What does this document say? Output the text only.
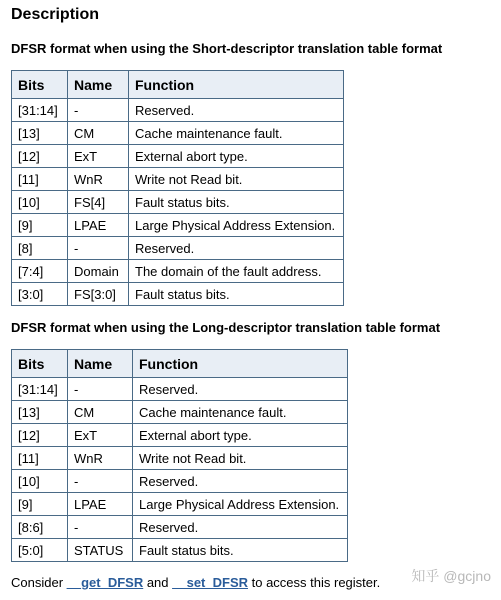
Description
DFSR format when using the Short-descriptor translation table format
Bits	Name	Function
[31:14]	-	Reserved.
[13]	CM	Cache maintenance fault.
[12]	ExT	External abort type.
[11]	WnR	Write not Read bit.
[10]	FS[4]	Fault status bits.
[9]	LPAE	Large Physical Address Extension.
[8]	-	Reserved.
[7:4]	Domain	The domain of the fault address.
[3:0]	FS[3:0]	Fault status bits.
DFSR format when using the Long-descriptor translation table format
Bits	Name	Function
[31:14]	-	Reserved.
[13]	CM	Cache maintenance fault.
[12]	ExT	External abort type.
[11]	WnR	Write not Read bit.
[10]	-	Reserved.
[9]	LPAE	Large Physical Address Extension.
[8:6]	-	Reserved.
[5:0]	STATUS	Fault status bits.
Consider __get_DFSR and __set_DFSR to access this register. 知乎 @gcjno
